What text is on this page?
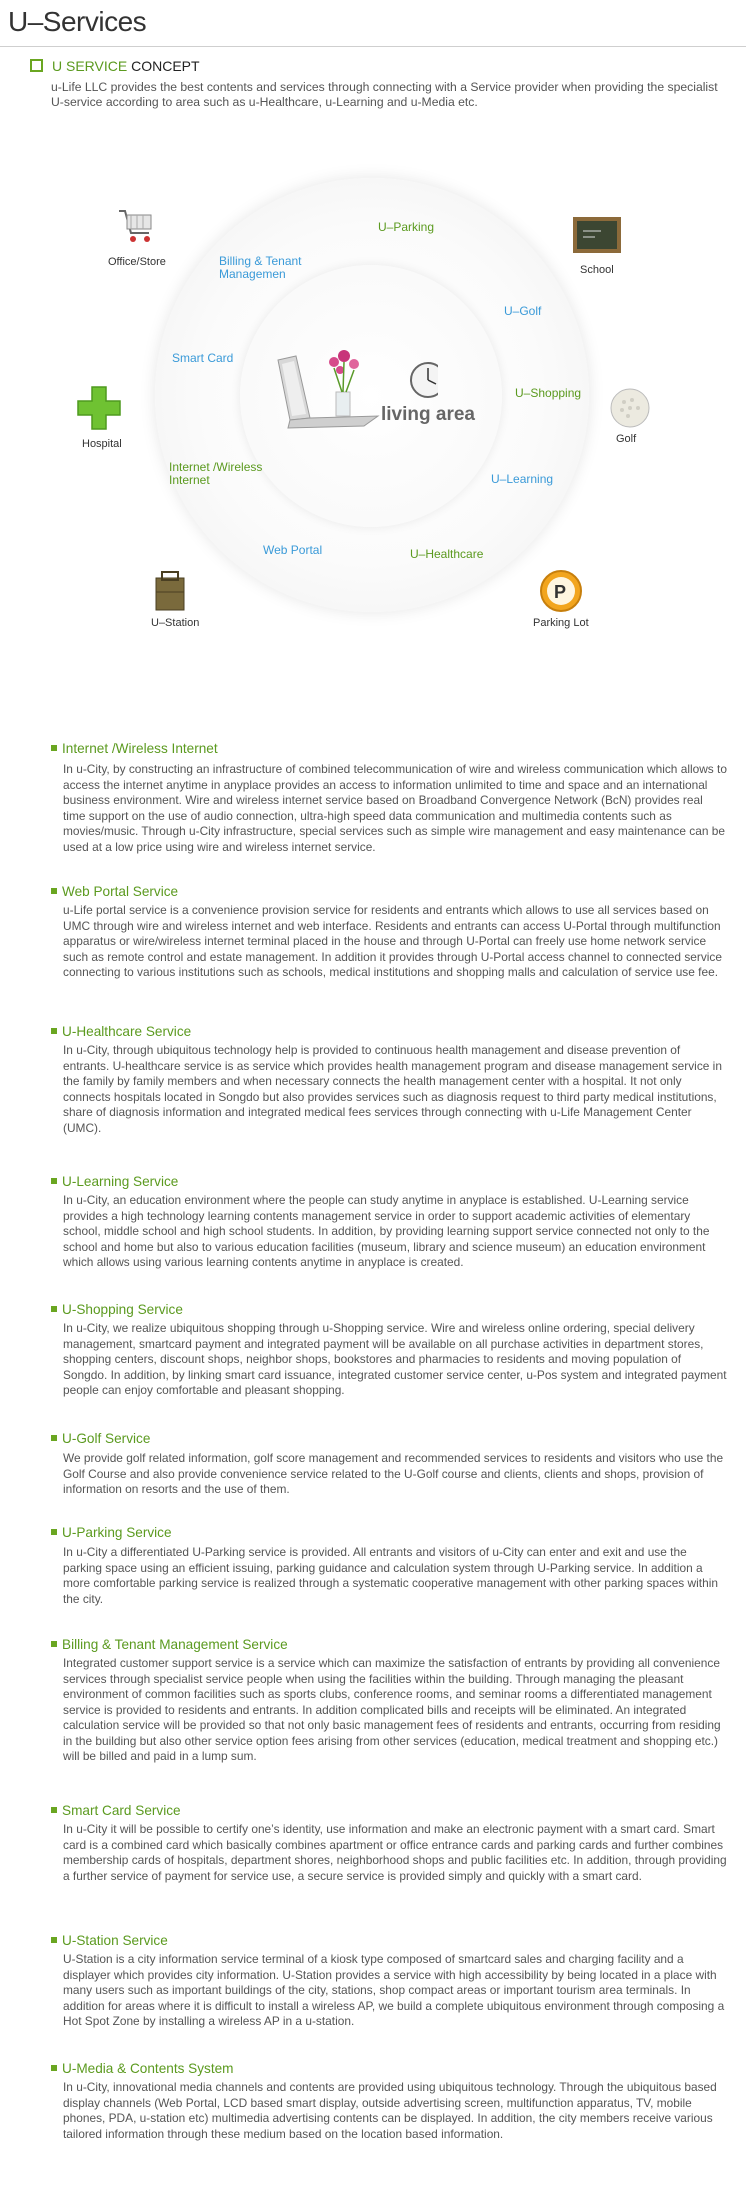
U–Services
U SERVICE CONCEPT
u-Life LLC provides the best contents and services through connecting with a Service provider when providing the specialist U-service according to area such as u-Healthcare, u-Learning and u-Media etc.
living area
Office/Store
School
Hospital	Golf
U–Station
P
Parking Lot
U–Parking
Billing & Tenant Managemen
U–Golf
Smart Card
U–Shopping
Internet /Wireless Internet	U–Learning
Web Portal	U–Healthcare
Internet /Wireless Internet
In u-City, by constructing an infrastructure of combined telecommunication of wire and wireless communication which allows to access the internet anytime in anyplace provides an access to information unlimited to time and space and an international business environment. Wire and wireless internet service based on Broadband Convergence Network (BcN) provides real time support on the use of audio connection, ultra-high speed data communication and multimedia contents such as movies/music. Through u-City infrastructure, special services such as simple wire management and easy maintenance can be used at a low price using wire and wireless internet service.
Web Portal Service
u-Life portal service is a convenience provision service for residents and entrants which allows to use all services based on UMC through wire and wireless internet and web interface. Residents and entrants can access U-Portal through multifunction apparatus or wire/wireless internet terminal placed in the house and through U-Portal can freely use home network service such as remote control and estate management. In addition it provides through U-Portal access channel to connected service connecting to various institutions such as schools, medical institutions and shopping malls and calculation of service use fee.
U-Healthcare Service
In u-City, through ubiquitous technology help is provided to continuous health management and disease prevention of entrants. U-healthcare service is as service which provides health management program and disease management service in the family by family members and when necessary connects the health management center with a hospital. It not only connects hospitals located in Songdo but also provides services such as diagnosis request to third party medical institutions, share of diagnosis information and integrated medical fees services through connecting with u-Life Management Center (UMC).
U-Learning Service
In u-City, an education environment where the people can study anytime in anyplace is established. U-Learning service provides a high technology learning contents management service in order to support academic activities of elementary school, middle school and high school students. In addition, by providing learning support service connected not only to the school and home but also to various education facilities (museum, library and science museum) an education environment which allows using various learning contents anytime in anyplace is created.
U-Shopping Service
In u-City, we realize ubiquitous shopping through u-Shopping service. Wire and wireless online ordering, special delivery management, smartcard payment and integrated payment will be available on all purchase activities in department stores, shopping centers, discount shops, neighbor shops, bookstores and pharmacies to residents and moving population of Songdo. In addition, by linking smart card issuance, integrated customer service center, u-Pos system and integrated payment people can enjoy comfortable and pleasant shopping.
U-Golf Service
We provide golf related information, golf score management and recommended services to residents and visitors who use the Golf Course and also provide convenience service related to the U-Golf course and clients, clients and shops, provision of information on resorts and the use of them.
U-Parking Service
In u-City a differentiated U-Parking service is provided. All entrants and visitors of u-City can enter and exit and use the parking space using an efficient issuing, parking guidance and calculation system through U-Parking service. In addition a more comfortable parking service is realized through a systematic cooperative management with other parking spaces within the city.
Billing & Tenant Management Service
Integrated customer support service is a service which can maximize the satisfaction of entrants by providing all convenience services through specialist service people when using the facilities within the building. Through managing the pleasant environment of common facilities such as sports clubs, conference rooms, and seminar rooms a differentiated management service is provided to residents and entrants. In addition complicated bills and receipts will be eliminated. An integrated calculation service will be provided so that not only basic management fees of residents and entrants, occurring from residing in the building but also other service option fees arising from other services (education, medical treatment and shopping etc.) will be billed and paid in a lump sum.
Smart Card Service
In u-City it will be possible to certify one’s identity, use information and make an electronic payment with a smart card. Smart card is a combined card which basically combines apartment or office entrance cards and parking cards and further combines membership cards of hospitals, department shores, neighborhood shops and public facilities etc. In addition, through providing a further service of payment for service use, a secure service is provided simply and quickly with a smart card.
U-Station Service
U-Station is a city information service terminal of a kiosk type composed of smartcard sales and charging facility and a displayer which provides city information. U-Station provides a service with high accessibility by being located in a place with many users such as important buildings of the city, stations, shop compact areas or important tourism area terminals. In addition for areas where it is difficult to install a wireless AP, we build a complete ubiquitous environment through composing a Hot Spot Zone by installing a wireless AP in a u-station.
U-Media & Contents System
In u-City, innovational media channels and contents are provided using ubiquitous technology. Through the ubiquitous based display channels (Web Portal, LCD based smart display, outside advertising screen, multifunction apparatus, TV, mobile phones, PDA, u-station etc) multimedia advertising contents can be displayed. In addition, the city members receive various tailored information through these medium based on the location based information.
